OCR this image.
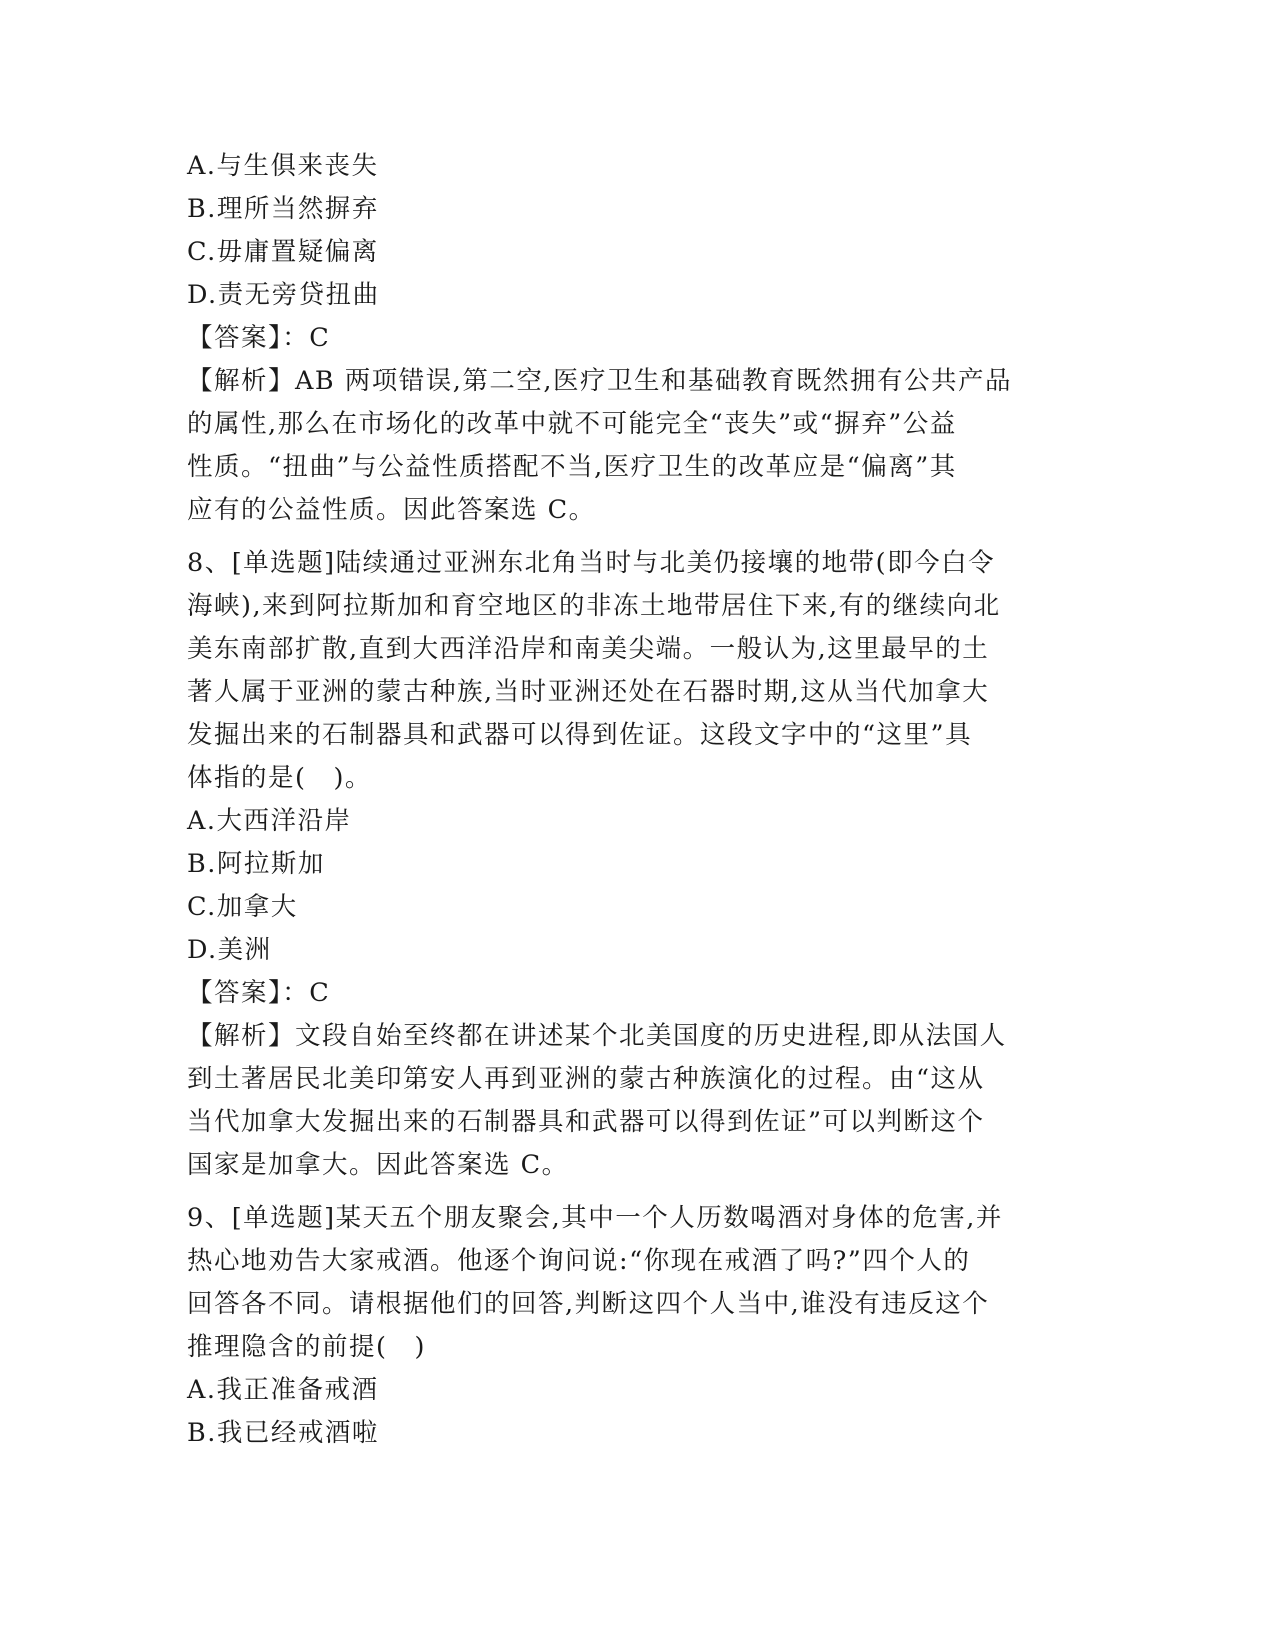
A.与生俱来丧失
B.理所当然摒弃
C.毋庸置疑偏离
D.责无旁贷扭曲
【答案】：C
【解析】AB 两项错误,第二空,医疗卫生和基础教育既然拥有公共产品
的属性,那么在市场化的改革中就不可能完全“丧失”或“摒弃”公益
性质。“扭曲”与公益性质搭配不当,医疗卫生的改革应是“偏离”其
应有的公益性质。因此答案选 C。
8、[单选题]陆续通过亚洲东北角当时与北美仍接壤的地带(即今白令
海峡),来到阿拉斯加和育空地区的非冻土地带居住下来,有的继续向北
美东南部扩散,直到大西洋沿岸和南美尖端。一般认为,这里最早的土
著人属于亚洲的蒙古种族,当时亚洲还处在石器时期,这从当代加拿大
发掘出来的石制器具和武器可以得到佐证。这段文字中的“这里”具
体指的是(　)。
A.大西洋沿岸
B.阿拉斯加
C.加拿大
D.美洲
【答案】：C
【解析】文段自始至终都在讲述某个北美国度的历史进程,即从法国人
到土著居民北美印第安人再到亚洲的蒙古种族演化的过程。由“这从
当代加拿大发掘出来的石制器具和武器可以得到佐证”可以判断这个
国家是加拿大。因此答案选 C。
9、[单选题]某天五个朋友聚会,其中一个人历数喝酒对身体的危害,并
热心地劝告大家戒酒。他逐个询问说:“你现在戒酒了吗?”四个人的
回答各不同。请根据他们的回答,判断这四个人当中,谁没有违反这个
推理隐含的前提(　)
A.我正准备戒酒
B.我已经戒酒啦
